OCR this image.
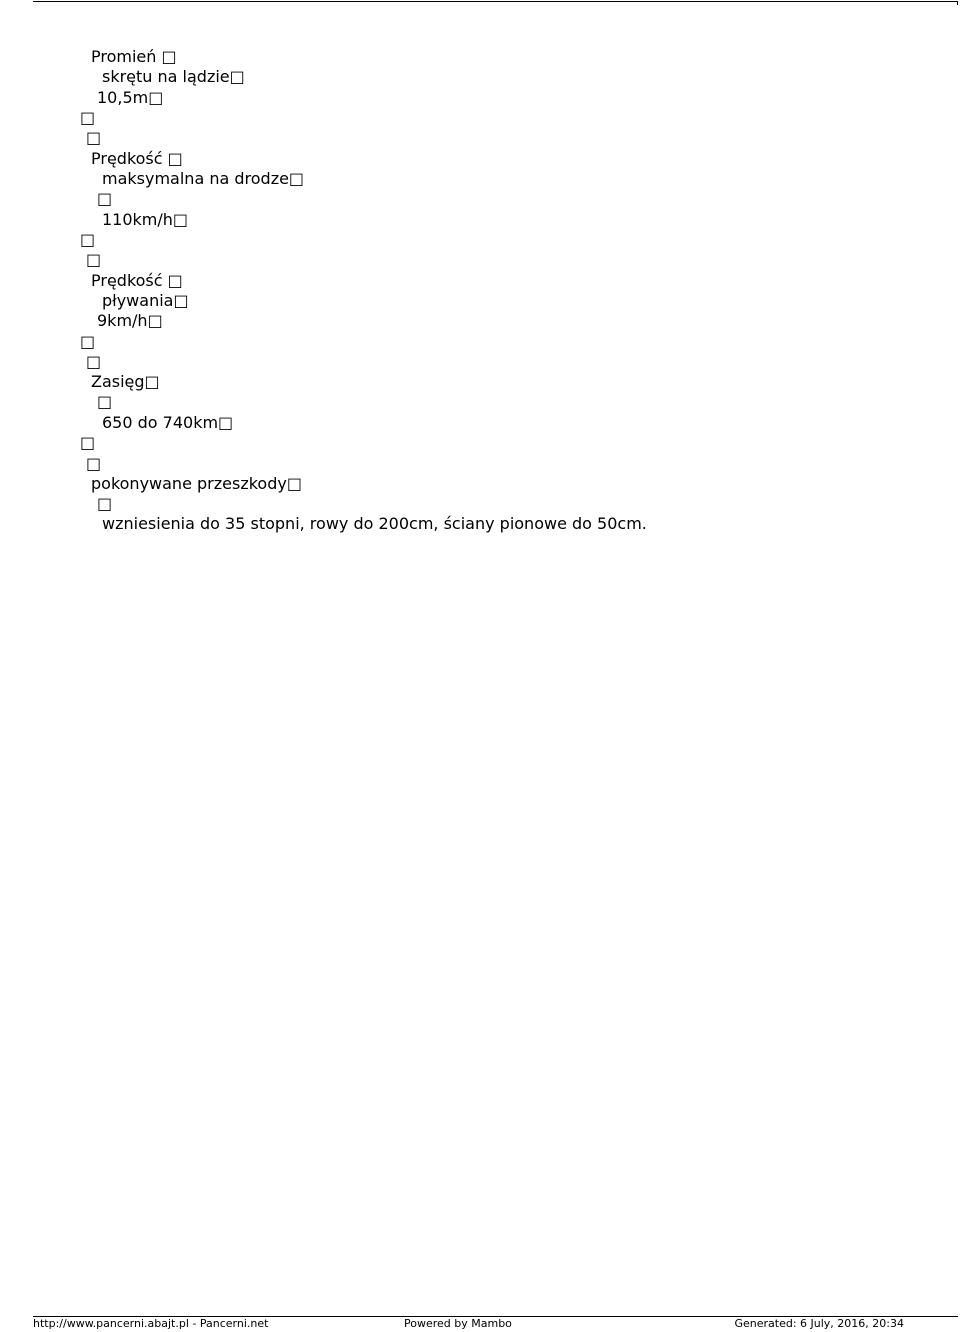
Promień □
skrętu na lądzie□
10,5m□
□
□
Prędkość □
maksymalna na drodze□
□
110km/h□
□
□
Prędkość □
pływania□
9km/h□
□
□
Zasięg□
□
650 do 740km□
□
□
pokonywane przeszkody□
□
wzniesienia do 35 stopni, rowy do 200cm, ściany pionowe do 50cm.
http://www.pancerni.abajt.pl - Pancerni.net	Powered by Mambo	Generated: 6 July, 2016, 20:34
